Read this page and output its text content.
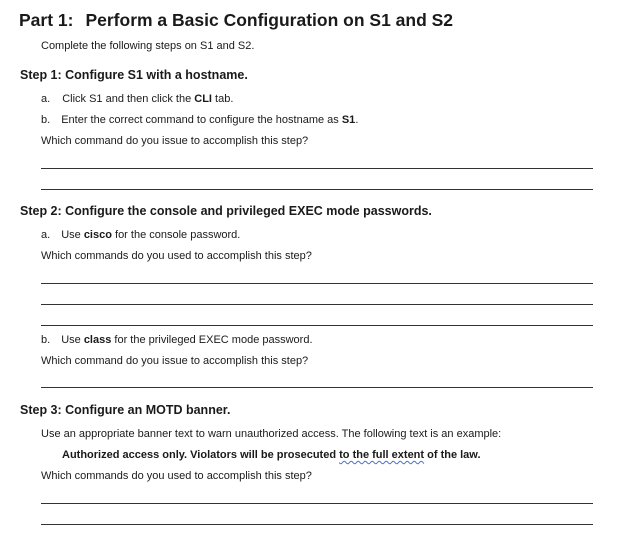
Part 1: Perform a Basic Configuration on S1 and S2
Complete the following steps on S1 and S2.
Step 1: Configure S1 with a hostname.
a. Click S1 and then click the CLI tab.
b. Enter the correct command to configure the hostname as S1.
Which command do you issue to accomplish this step?
Step 2: Configure the console and privileged EXEC mode passwords.
a. Use cisco for the console password.
Which commands do you used to accomplish this step?
b. Use class for the privileged EXEC mode password.
Which command do you issue to accomplish this step?
Step 3: Configure an MOTD banner.
Use an appropriate banner text to warn unauthorized access. The following text is an example:
Authorized access only. Violators will be prosecuted to the full extent of the law.
Which commands do you used to accomplish this step?
